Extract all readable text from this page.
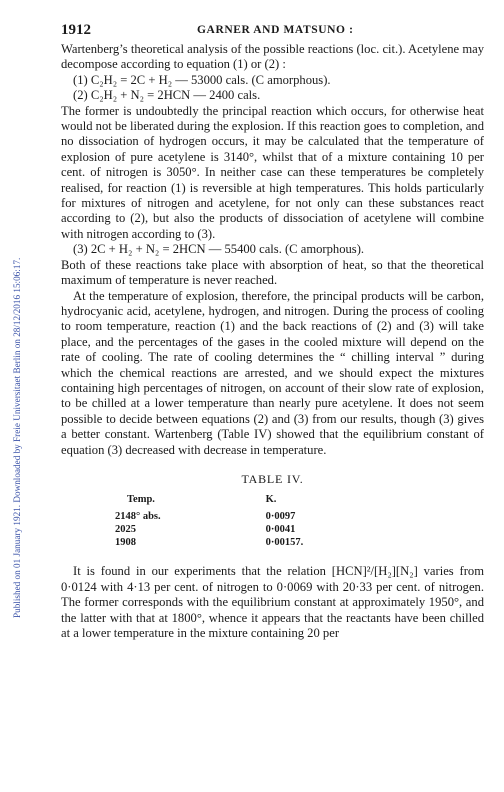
Published on 01 January 1921. Downloaded by Freie Universitaet Berlin on 28/12/2016 15:06:17.
1912	GARNER AND MATSUNO :

Wartenberg’s theoretical analysis of the possible reactions (loc. cit.). Acetylene may decompose according to equation (1) or (2) :

(1) C₂H₂ = 2C + H₂ — 53000 cals. (C amorphous).

(2) C₂H₂ + N₂ = 2HCN — 2400 cals.

The former is undoubtedly the principal reaction which occurs, for otherwise heat would not be liberated during the explosion. If this reaction goes to completion, and no dissociation of hydrogen occurs, it may be calculated that the temperature of explosion of pure acetylene is 3140°, whilst that of a mixture containing 10 per cent. of nitrogen is 3050°. In neither case can these temperatures be completely realised, for reaction (1) is reversible at high temperatures. This holds particularly for mixtures of nitrogen and acetylene, for not only can these substances react according to (2), but also the products of dissociation of acetylene will combine with nitrogen according to (3).

(3) 2C + H₂ + N₂ = 2HCN — 55400 cals. (C amorphous).

Both of these reactions take place with absorption of heat, so that the theoretical maximum of temperature is never reached.

At the temperature of explosion, therefore, the principal products will be carbon, hydrocyanic acid, acetylene, hydrogen, and nitrogen. During the process of cooling to room temperature, reaction (1) and the back reactions of (2) and (3) will take place, and the percentages of the gases in the cooled mixture will depend on the rate of cooling. The rate of cooling determines the “ chilling interval ” during which the chemical reactions are arrested, and we should expect the mixtures containing high percentages of nitrogen, on account of their slow rate of explosion, to be chilled at a lower temperature than nearly pure acetylene. It does not seem possible to decide between equations (2) and (3) from our results, though (3) gives a better constant. Wartenberg (Table IV) showed that the equilibrium constant of equation (3) decreased with decrease in temperature.

TABLE IV.
Temp.	K.
2148° abs.	0·0097
2025	0·0041
1908	0·00157.

It is found in our experiments that the relation [HCN]²/[H₂][N₂] varies from 0·0124 with 4·13 per cent. of nitrogen to 0·0069 with 20·33 per cent. of nitrogen. The former corresponds with the equilibrium constant at approximately 1950°, and the latter with that at 1800°, whence it appears that the reactants have been chilled at a lower temperature in the mixture containing 20 per
